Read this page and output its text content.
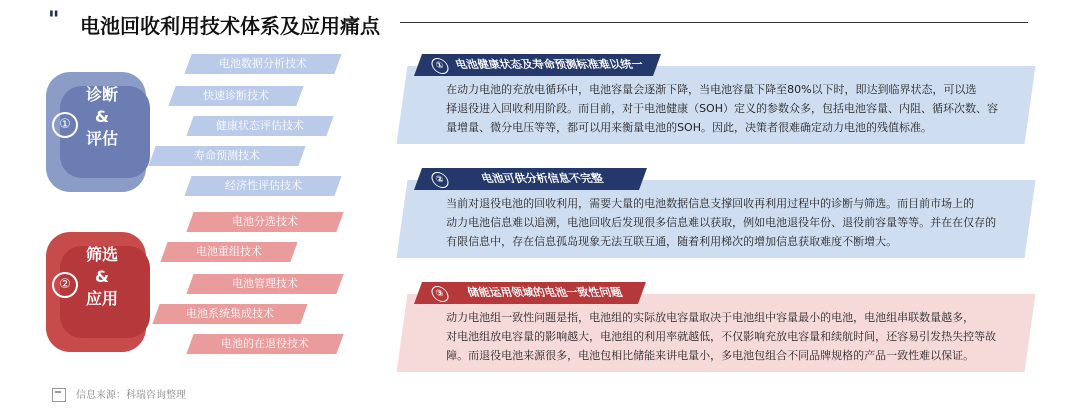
" 电池回收利用技术体系及应用痛点
①
诊断
&
评估
电池数据分析技术
快速诊断技术
健康状态评估技术
寿命预测技术
经济性评估技术
②
筛选
&
应用
电池分选技术
电池重组技术
电池管理技术
电池系统集成技术
电池的在退役技术
在动力电池的充放电循环中，电池容量会逐渐下降，当电池容量下降至80%以下时，即达到临界状态，可以选
择退役进入回收利用阶段。而目前，对于电池健康（SOH）定义的参数众多，包括电池容量、内阻、循环次数、容
量增量、微分电压等等，都可以用来衡量电池的SOH。因此，决策者很难确定动力电池的残值标准。
① 电池健康状态及寿命预测标准难以统一
当前对退役电池的回收利用，需要大量的电池数据信息支撑回收再利用过程中的诊断与筛选。而目前市场上的
动力电池信息难以追溯，电池回收后发现很多信息难以获取，例如电池退役年份、退役前容量等等。并在在仅存的
有限信息中，存在信息孤岛现象无法互联互通，随着利用梯次的增加信息获取难度不断增大。
②	电池可供分析信息不完整
动力电池组一致性问题是指，电池组的实际放电容量取决于电池组中容量最小的电池，电池组串联数量越多，
对电池组放电容量的影响越大，电池组的利用率就越低，不仅影响充放电容量和续航时间，还容易引发热失控等故
障。而退役电池来源很多，电池包相比储能来讲电量小，多电池包组合不同品牌规格的产品一致性难以保证。
③ 储能运用领域的电池一致性问题
信息来源：科瑞咨询整理
